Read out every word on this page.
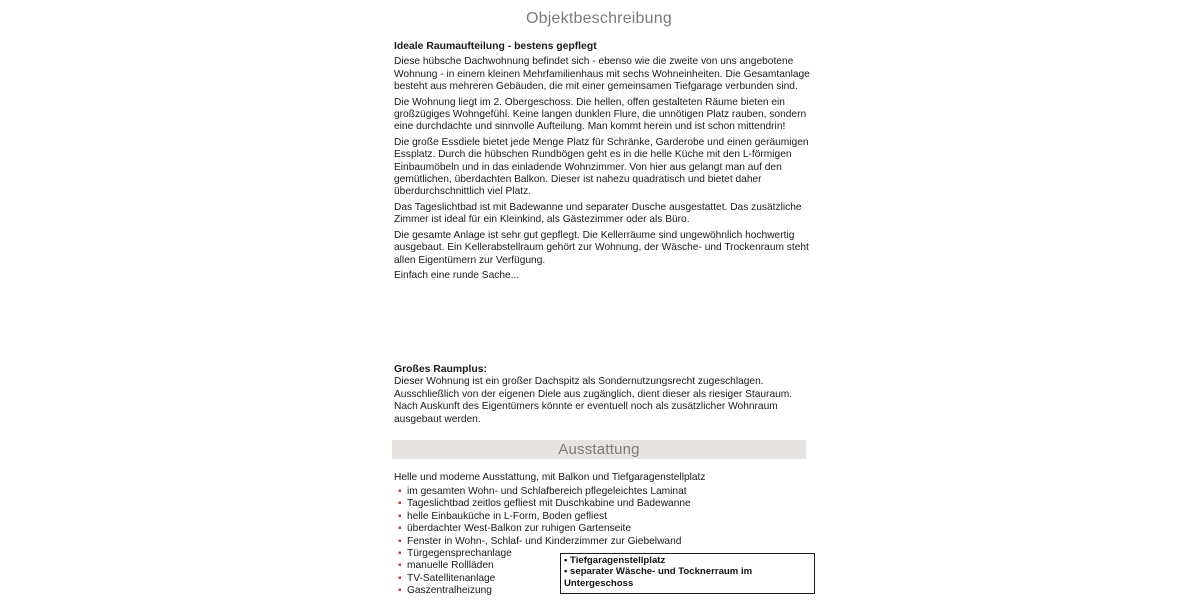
Objektbeschreibung
Ideale Raumaufteilung - bestens gepflegt

Diese hübsche Dachwohnung befindet sich - ebenso wie die zweite von uns angebotene Wohnung - in einem kleinen Mehrfamilienhaus mit sechs Wohneinheiten. Die Gesamtanlage besteht aus mehreren Gebäuden, die mit einer gemeinsamen Tiefgarage verbunden sind.

Die Wohnung liegt im 2. Obergeschoss. Die hellen, offen gestalteten Räume bieten ein großzügiges Wohngefühl. Keine langen dunklen Flure, die unnötigen Platz rauben, sondern eine durchdachte und sinnvolle Aufteilung. Man kommt herein und ist schon mittendrin!

Die große Essdiele bietet jede Menge Platz für Schränke, Garderobe und einen geräumigen Essplatz. Durch die hübschen Rundbögen geht es in die helle Küche mit den L-förmigen Einbaumöbeln und in das einladende Wohnzimmer. Von hier aus gelangt man auf den gemütlichen, überdachten Balkon. Dieser ist nahezu quadratisch und bietet daher überdurchschnittlich viel Platz.

Das Tageslichtbad ist mit Badewanne und separater Dusche ausgestattet. Das zusätzliche Zimmer ist ideal für ein Kleinkind, als Gästezimmer oder als Büro.

Die gesamte Anlage ist sehr gut gepflegt. Die Kellerräume sind ungewöhnlich hochwertig ausgebaut. Ein Kellerabstellraum gehört zur Wohnung, der Wäsche- und Trockenraum steht allen Eigentümern zur Verfügung.

Einfach eine runde Sache...

Großes Raumplus:

Dieser Wohnung ist ein großer Dachspitz als Sondernutzungsrecht zugeschlagen. Ausschließlich von der eigenen Diele aus zugänglich, dient dieser als riesiger Stauraum. Nach Auskunft des Eigentümers könnte er eventuell noch als zusätzlicher Wohnraum ausgebaut werden.

Ausstattung
Helle und moderne Ausstattung, mit Balkon und Tiefgaragenstellplatz
▪ im gesamten Wohn- und Schlafbereich pflegeleichtes Laminat
▪ Tageslichtbad zeitlos gefliest mit Duschkabine und Badewanne
▪ helle Einbauküche in L-Form, Boden gefliest
▪ überdachter West-Balkon zur ruhigen Gartenseite
▪ Fenster in Wohn-, Schlaf- und Kinderzimmer zur Giebelwand
▪ Türgegensprechanlage
▪ manuelle Rollläden
▪ TV-Satellitenanlage
▪ Gaszentralheizung
• Tiefgaragenstellplatz
• separater Wäsche- und Tocknerraum im
Untergeschoss
